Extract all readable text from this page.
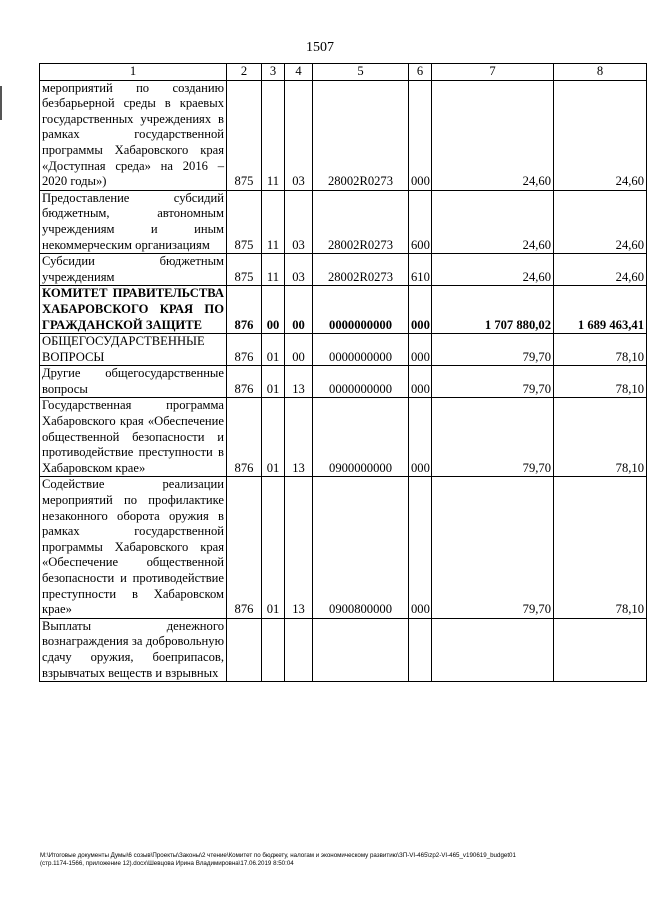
1507
1	2	3	4	5	6	7	8
мероприятий по созданию безбарьерной среды в краевых государственных учреждениях в рамках государственной программы Хабаровского края «Доступная среда» на 2016 – 2020 годы»)	875	11	03	28002R0273	000	24,60	24,60
Предоставление субсидий бюджетным, автономным учреждениям и иным некоммерческим организациям	875	11	03	28002R0273	600	24,60	24,60
Субсидии бюджетным учреждениям	875	11	03	28002R0273	610	24,60	24,60
КОМИТЕТ ПРАВИТЕЛЬСТВА ХАБАРОВСКОГО КРАЯ ПО ГРАЖДАНСКОЙ ЗАЩИТЕ	876	00	00	0000000000	000	1 707 880,02	1 689 463,41
ОБЩЕГОСУДАРСТВЕННЫЕ ВОПРОСЫ	876	01	00	0000000000	000	79,70	78,10
Другие общегосударственные вопросы	876	01	13	0000000000	000	79,70	78,10
Государственная программа Хабаровского края «Обеспечение общественной безопасности и противодействие преступности в Хабаровском крае»	876	01	13	0900000000	000	79,70	78,10
Содействие реализации мероприятий по профилактике незаконного оборота оружия в рамках государственной программы Хабаровского края «Обеспечение общественной безопасности и противодействие преступности в Хабаровском крае»	876	01	13	0900800000	000	79,70	78,10
Выплаты денежного вознаграждения за добровольную сдачу оружия, боеприпасов, взрывчатых веществ и взрывных							
M:\Итоговые документы Думы\6 созыв\Проекты\Законы\2 чтение\Комитет по бюджету, налогам и экономическому развитию\ЗП-VI-465\zp2-VI-465_v190619_budget01
(стр.1174-1566, приложение 12).docx\Шевцова Ирина Владимировна\17.06.2019 8:50:04
